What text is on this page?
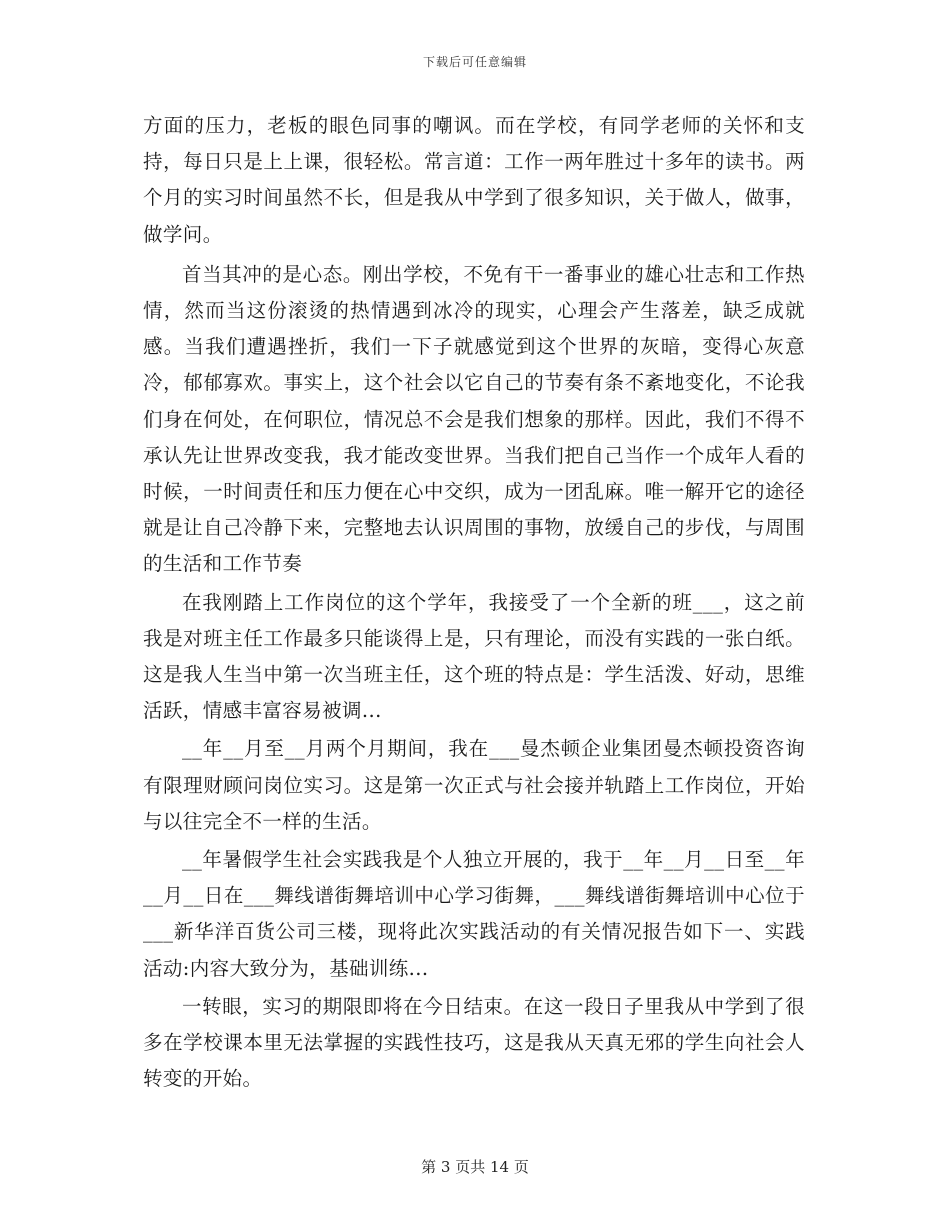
下载后可任意编辑

方面的压力，老板的眼色同事的嘲讽。而在学校，有同学老师的关怀和支持，每日只是上上课，很轻松。常言道：工作一两年胜过十多年的读书。两个月的实习时间虽然不长，但是我从中学到了很多知识，关于做人，做事，做学问。

首当其冲的是心态。刚出学校，不免有干一番事业的雄心壮志和工作热情，然而当这份滚烫的热情遇到冰冷的现实，心理会产生落差，缺乏成就感。当我们遭遇挫折，我们一下子就感觉到这个世界的灰暗，变得心灰意冷，郁郁寡欢。事实上，这个社会以它自己的节奏有条不紊地变化，不论我们身在何处，在何职位，情况总不会是我们想象的那样。因此，我们不得不承认先让世界改变我，我才能改变世界。当我们把自己当作一个成年人看的时候，一时间责任和压力便在心中交织，成为一团乱麻。唯一解开它的途径就是让自己冷静下来，完整地去认识周围的事物，放缓自己的步伐，与周围的生活和工作节奏

在我刚踏上工作岗位的这个学年，我接受了一个全新的班___，这之前我是对班主任工作最多只能谈得上是，只有理论，而没有实践的一张白纸。这是我人生当中第一次当班主任，这个班的特点是：学生活泼、好动，思维活跃，情感丰富容易被调...

__年__月至__月两个月期间，我在___曼杰顿企业集团曼杰顿投资咨询有限理财顾问岗位实习。这是第一次正式与社会接并轨踏上工作岗位，开始与以往完全不一样的生活。

__年暑假学生社会实践我是个人独立开展的，我于__年__月__日至__年__月__日在___舞线谱街舞培训中心学习街舞，___舞线谱街舞培训中心位于___新华洋百货公司三楼，现将此次实践活动的有关情况报告如下一、实践活动:内容大致分为，基础训练...

一转眼，实习的期限即将在今日结束。在这一段日子里我从中学到了很多在学校课本里无法掌握的实践性技巧，这是我从天真无邪的学生向社会人转变的开始。

第 3 页共 14 页
